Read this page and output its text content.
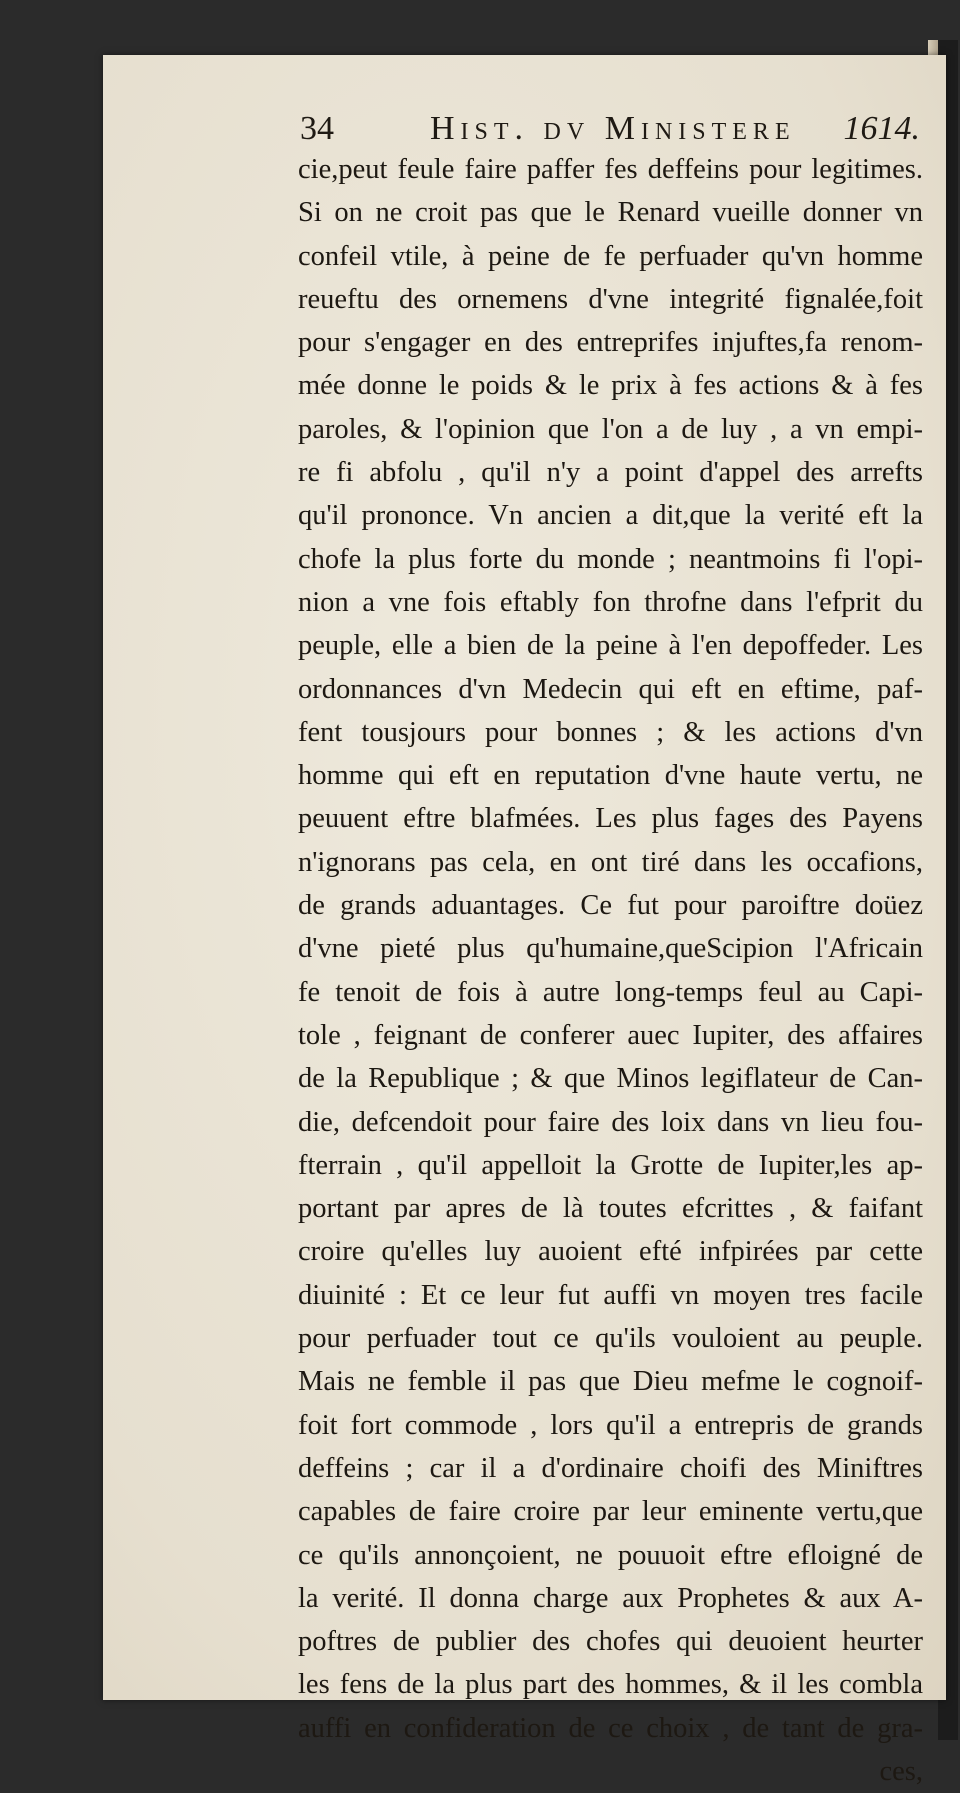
34	Hist. dv Ministere 1614.
cie,peut feule faire paffer fes deffeins pour legitimes.
Si on ne croit pas que le Renard vueille donner vn
confeil vtile, à peine de fe perfuader qu'vn homme
reueftu des ornemens d'vne integrité fignalée,foit
pour s'engager en des entreprifes injuftes,fa renom-
mée donne le poids & le prix à fes actions & à fes
paroles, & l'opinion que l'on a de luy , a vn empi-
re fi abfolu , qu'il n'y a point d'appel des arrefts
qu'il prononce. Vn ancien a dit,que la verité eft la
chofe la plus forte du monde ; neantmoins fi l'opi-
nion a vne fois eftably fon throfne dans l'efprit du
peuple, elle a bien de la peine à l'en depoffeder. Les
ordonnances d'vn Medecin qui eft en eftime, paf-
fent tousjours pour bonnes ; & les actions d'vn
homme qui eft en reputation d'vne haute vertu, ne
peuuent eftre blafmées. Les plus fages des Payens
n'ignorans pas cela, en ont tiré dans les occafions,
de grands aduantages. Ce fut pour paroiftre doüez
d'vne pieté plus qu'humaine,queScipion l'Africain
fe tenoit de fois à autre long-temps feul au Capi-
tole , feignant de conferer auec Iupiter, des affaires
de la Republique ; & que Minos legiflateur de Can-
die, defcendoit pour faire des loix dans vn lieu fou-
fterrain , qu'il appelloit la Grotte de Iupiter,les ap-
portant par apres de là toutes efcrittes , & faifant
croire qu'elles luy auoient efté infpirées par cette
diuinité : Et ce leur fut auffi vn moyen tres facile
pour perfuader tout ce qu'ils vouloient au peuple.
Mais ne femble il pas que Dieu mefme le cognoif-
foit fort commode , lors qu'il a entrepris de grands
deffeins ; car il a d'ordinaire choifi des Miniftres
capables de faire croire par leur eminente vertu,que
ce qu'ils annonçoient, ne pouuoit eftre efloigné de
la verité. Il donna charge aux Prophetes & aux A-
poftres de publier des chofes qui deuoient heurter
les fens de la plus part des hommes, & il les combla
auffi en confideration de ce choix , de tant de gra-
ces,
